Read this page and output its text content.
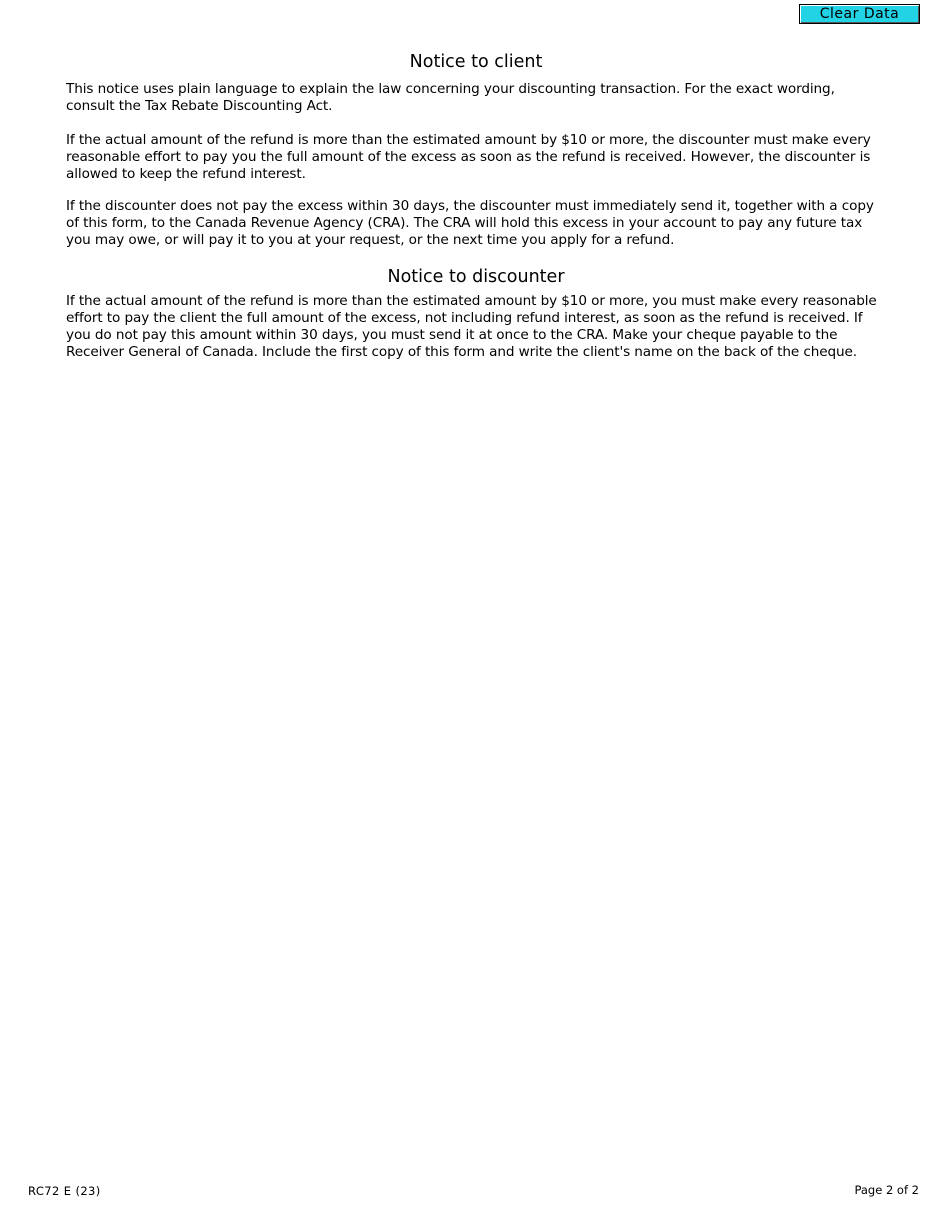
Clear Data
Notice to client

This notice uses plain language to explain the law concerning your discounting transaction. For the exact wording, consult the Tax Rebate Discounting Act.

If the actual amount of the refund is more than the estimated amount by $10 or more, the discounter must make every reasonable effort to pay you the full amount of the excess as soon as the refund is received. However, the discounter is allowed to keep the refund interest.

If the discounter does not pay the excess within 30 days, the discounter must immediately send it, together with a copy of this form, to the Canada Revenue Agency (CRA). The CRA will hold this excess in your account to pay any future tax you may owe, or will pay it to you at your request, or the next time you apply for a refund.

Notice to discounter

If the actual amount of the refund is more than the estimated amount by $10 or more, you must make every reasonable effort to pay the client the full amount of the excess, not including refund interest, as soon as the refund is received. If you do not pay this amount within 30 days, you must send it at once to the CRA. Make your cheque payable to the Receiver General of Canada. Include the first copy of this form and write the client's name on the back of the cheque.

RC72 E (23)	Page 2 of 2
